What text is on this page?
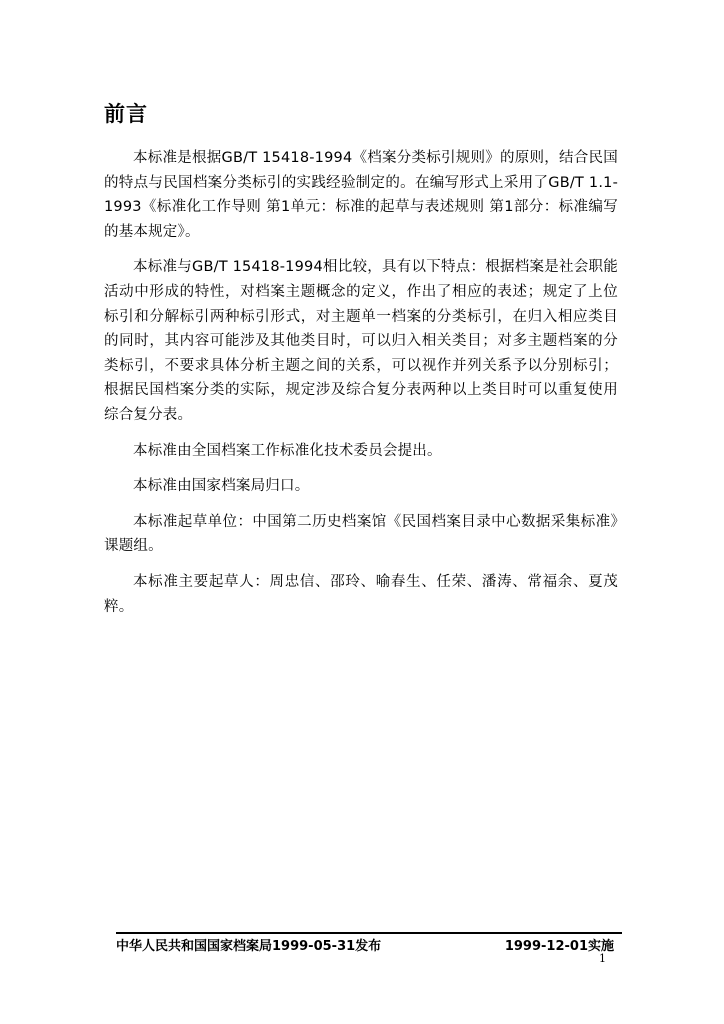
前言

本标准是根据GB/T 15418-1994《档案分类标引规则》的原则，结合民国的特点与民国档案分类标引的实践经验制定的。在编写形式上采用了GB/T 1.1-1993《标准化工作导则 第1单元：标准的起草与表述规则 第1部分：标准编写的基本规定》。

本标准与GB/T 15418-1994相比较，具有以下特点：根据档案是社会职能活动中形成的特性，对档案主题概念的定义，作出了相应的表述；规定了上位标引和分解标引两种标引形式，对主题单一档案的分类标引，在归入相应类目的同时，其内容可能涉及其他类目时，可以归入相关类目；对多主题档案的分类标引，不要求具体分析主题之间的关系，可以视作并列关系予以分别标引；根据民国档案分类的实际，规定涉及综合复分表两种以上类目时可以重复使用综合复分表。

本标准由全国档案工作标准化技术委员会提出。

本标准由国家档案局归口。

本标准起草单位：中国第二历史档案馆《民国档案目录中心数据采集标准》课题组。

本标准主要起草人：周忠信、邵玲、喻春生、任荣、潘涛、常福余、夏茂粹。

中华人民共和国国家档案局1999-05-31发布	1999-12-01实施
1
